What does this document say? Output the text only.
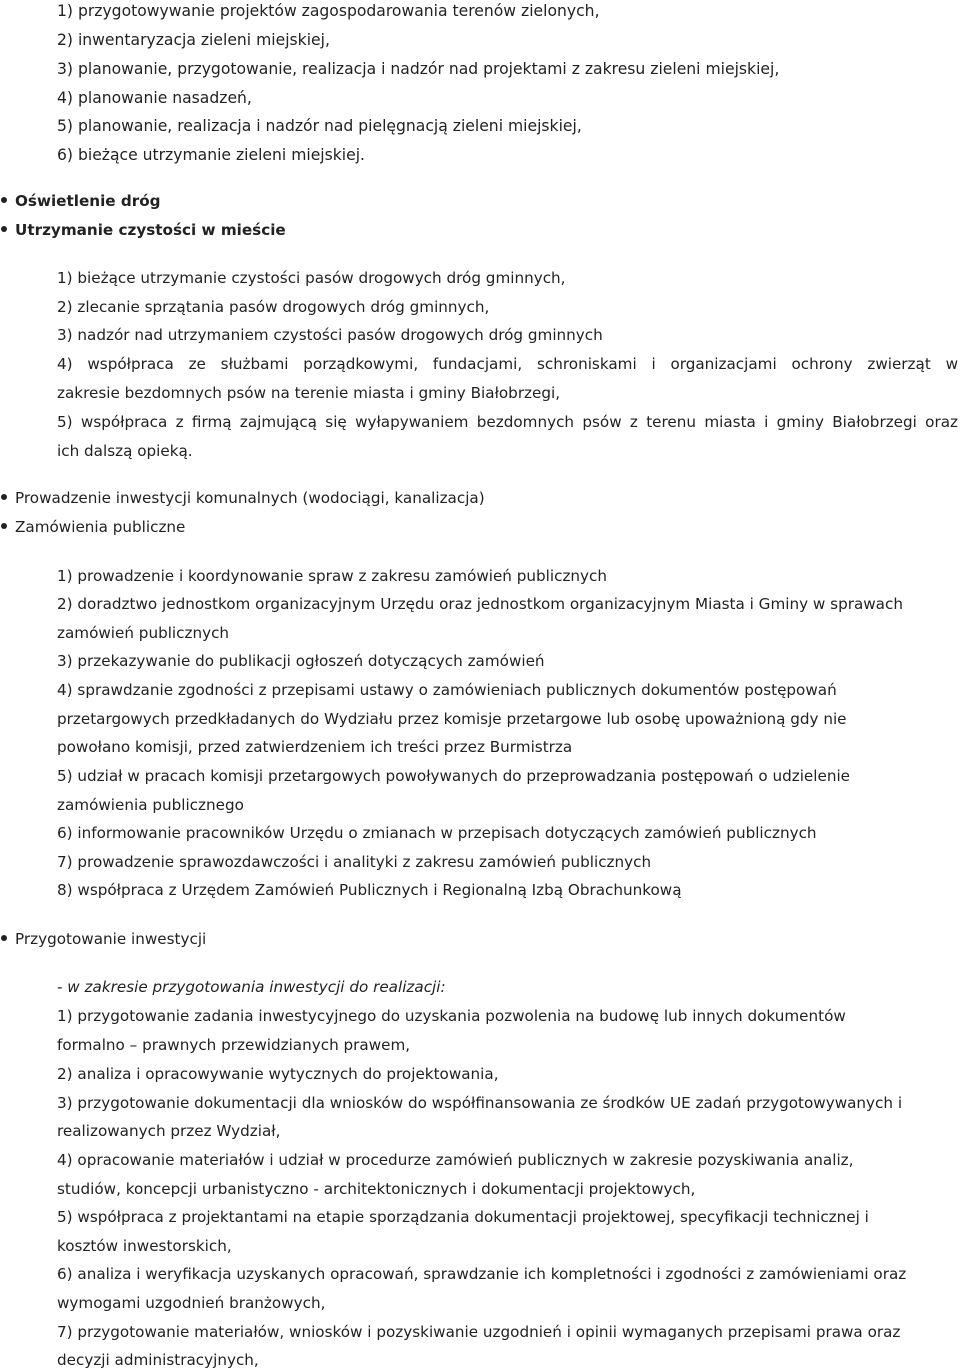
1) przygotowywanie projektów zagospodarowania terenów zielonych,
2) inwentaryzacja zieleni miejskiej,
3) planowanie, przygotowanie, realizacja i nadzór nad projektami z zakresu zieleni miejskiej,
4) planowanie nasadzeń,
5) planowanie, realizacja i nadzór nad pielęgnacją zieleni miejskiej,
6) bieżące utrzymanie zieleni miejskiej.
Oświetlenie dróg
Utrzymanie czystości w mieście
1) bieżące utrzymanie czystości pasów drogowych dróg gminnych,
2) zlecanie sprzątania pasów drogowych dróg gminnych,
3) nadzór nad utrzymaniem czystości pasów drogowych dróg gminnych
4) współpraca ze służbami porządkowymi, fundacjami, schroniskami i organizacjami ochrony zwierząt w
zakresie bezdomnych psów na terenie miasta i gminy Białobrzegi,
5) współpraca z firmą zajmującą się wyłapywaniem bezdomnych psów z terenu miasta i gminy Białobrzegi oraz
ich dalszą opieką.
Prowadzenie inwestycji komunalnych (wodociągi, kanalizacja)
Zamówienia publiczne
1) prowadzenie i koordynowanie spraw z zakresu zamówień publicznych
2) doradztwo jednostkom organizacyjnym Urzędu oraz jednostkom organizacyjnym Miasta i Gminy w sprawach
zamówień publicznych
3) przekazywanie do publikacji ogłoszeń dotyczących zamówień
4) sprawdzanie zgodności z przepisami ustawy o zamówieniach publicznych dokumentów postępowań
przetargowych przedkładanych do Wydziału przez komisje przetargowe lub osobę upoważnioną gdy nie
powołano komisji, przed zatwierdzeniem ich treści przez Burmistrza
5) udział w pracach komisji przetargowych powoływanych do przeprowadzania postępowań o udzielenie
zamówienia publicznego
6) informowanie pracowników Urzędu o zmianach w przepisach dotyczących zamówień publicznych
7) prowadzenie sprawozdawczości i analityki z zakresu zamówień publicznych
8) współpraca z Urzędem Zamówień Publicznych i Regionalną Izbą Obrachunkową
Przygotowanie inwestycji
- w zakresie przygotowania inwestycji do realizacji:
1) przygotowanie zadania inwestycyjnego do uzyskania pozwolenia na budowę lub innych dokumentów
formalno – prawnych przewidzianych prawem,
2) analiza i opracowywanie wytycznych do projektowania,
3) przygotowanie dokumentacji dla wniosków do współfinansowania ze środków UE zadań przygotowywanych i
realizowanych przez Wydział,
4) opracowanie materiałów i udział w procedurze zamówień publicznych w zakresie pozyskiwania analiz,
studiów, koncepcji urbanistyczno - architektonicznych i dokumentacji projektowych,
5) współpraca z projektantami na etapie sporządzania dokumentacji projektowej, specyfikacji technicznej i
kosztów inwestorskich,
6) analiza i weryfikacja uzyskanych opracowań, sprawdzanie ich kompletności i zgodności z zamówieniami oraz
wymogami uzgodnień branżowych,
7) przygotowanie materiałów, wniosków i pozyskiwanie uzgodnień i opinii wymaganych przepisami prawa oraz
decyzji administracyjnych,
